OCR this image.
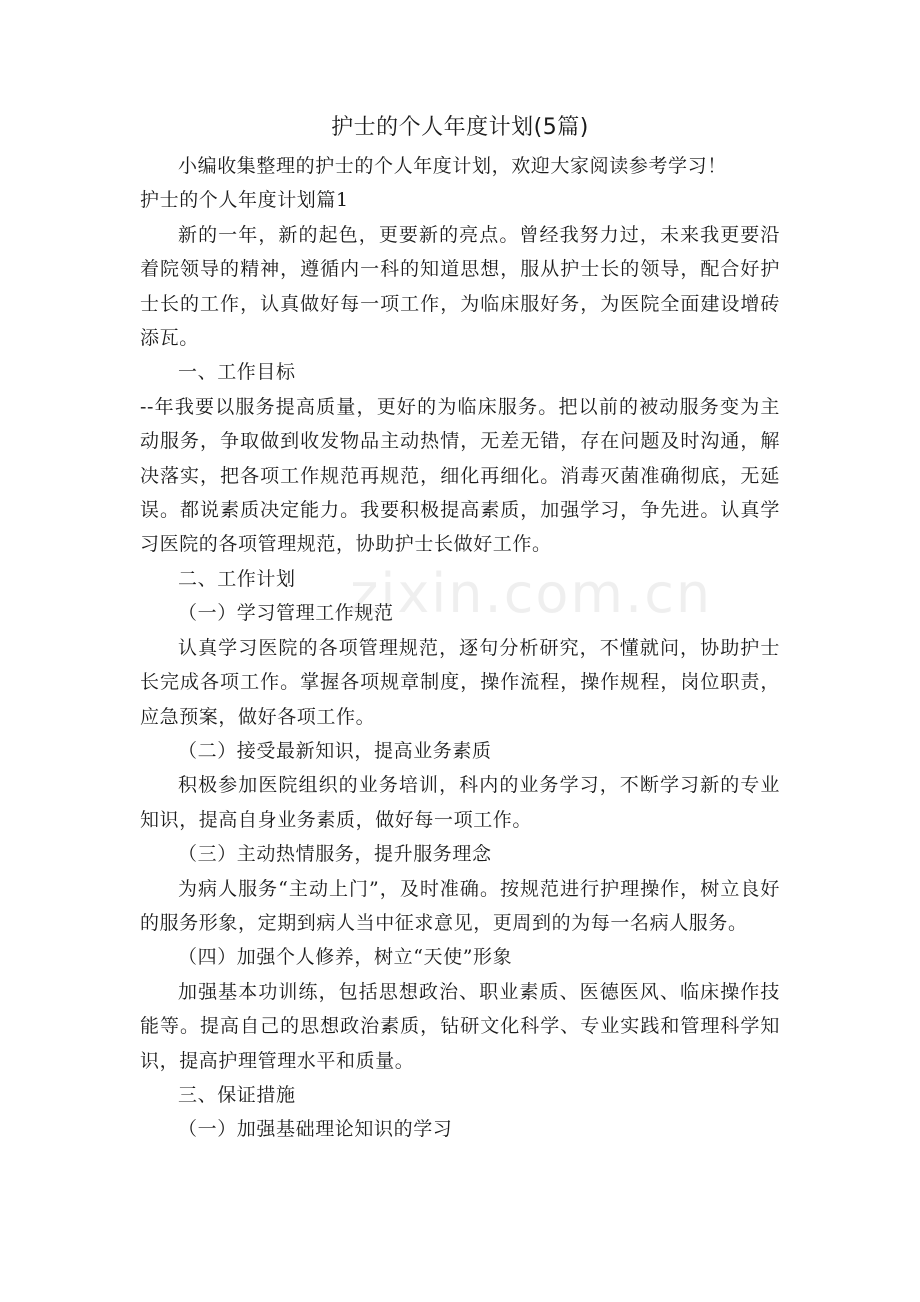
zixin.com.cn
护士的个人年度计划(5篇)

小编收集整理的护士的个人年度计划，欢迎大家阅读参考学习！

护士的个人年度计划篇1

新的一年，新的起色，更要新的亮点。曾经我努力过，未来我更要沿着院领导的精神，遵循内一科的知道思想，服从护士长的领导，配合好护士长的工作，认真做好每一项工作，为临床服好务，为医院全面建设增砖添瓦。

一、工作目标

--年我要以服务提高质量，更好的为临床服务。把以前的被动服务变为主动服务，争取做到收发物品主动热情，无差无错，存在问题及时沟通，解决落实，把各项工作规范再规范，细化再细化。消毒灭菌准确彻底，无延误。都说素质决定能力。我要积极提高素质，加强学习，争先进。认真学习医院的各项管理规范，协助护士长做好工作。

二、工作计划

（一）学习管理工作规范

认真学习医院的各项管理规范，逐句分析研究，不懂就问，协助护士长完成各项工作。掌握各项规章制度，操作流程，操作规程，岗位职责，应急预案，做好各项工作。

（二）接受最新知识，提高业务素质

积极参加医院组织的业务培训，科内的业务学习，不断学习新的专业知识，提高自身业务素质，做好每一项工作。

（三）主动热情服务，提升服务理念

为病人服务“主动上门”，及时准确。按规范进行护理操作，树立良好的服务形象，定期到病人当中征求意见，更周到的为每一名病人服务。

（四）加强个人修养，树立“天使”形象

加强基本功训练，包括思想政治、职业素质、医德医风、临床操作技能等。提高自己的思想政治素质，钻研文化科学、专业实践和管理科学知识，提高护理管理水平和质量。

三、保证措施

（一）加强基础理论知识的学习
